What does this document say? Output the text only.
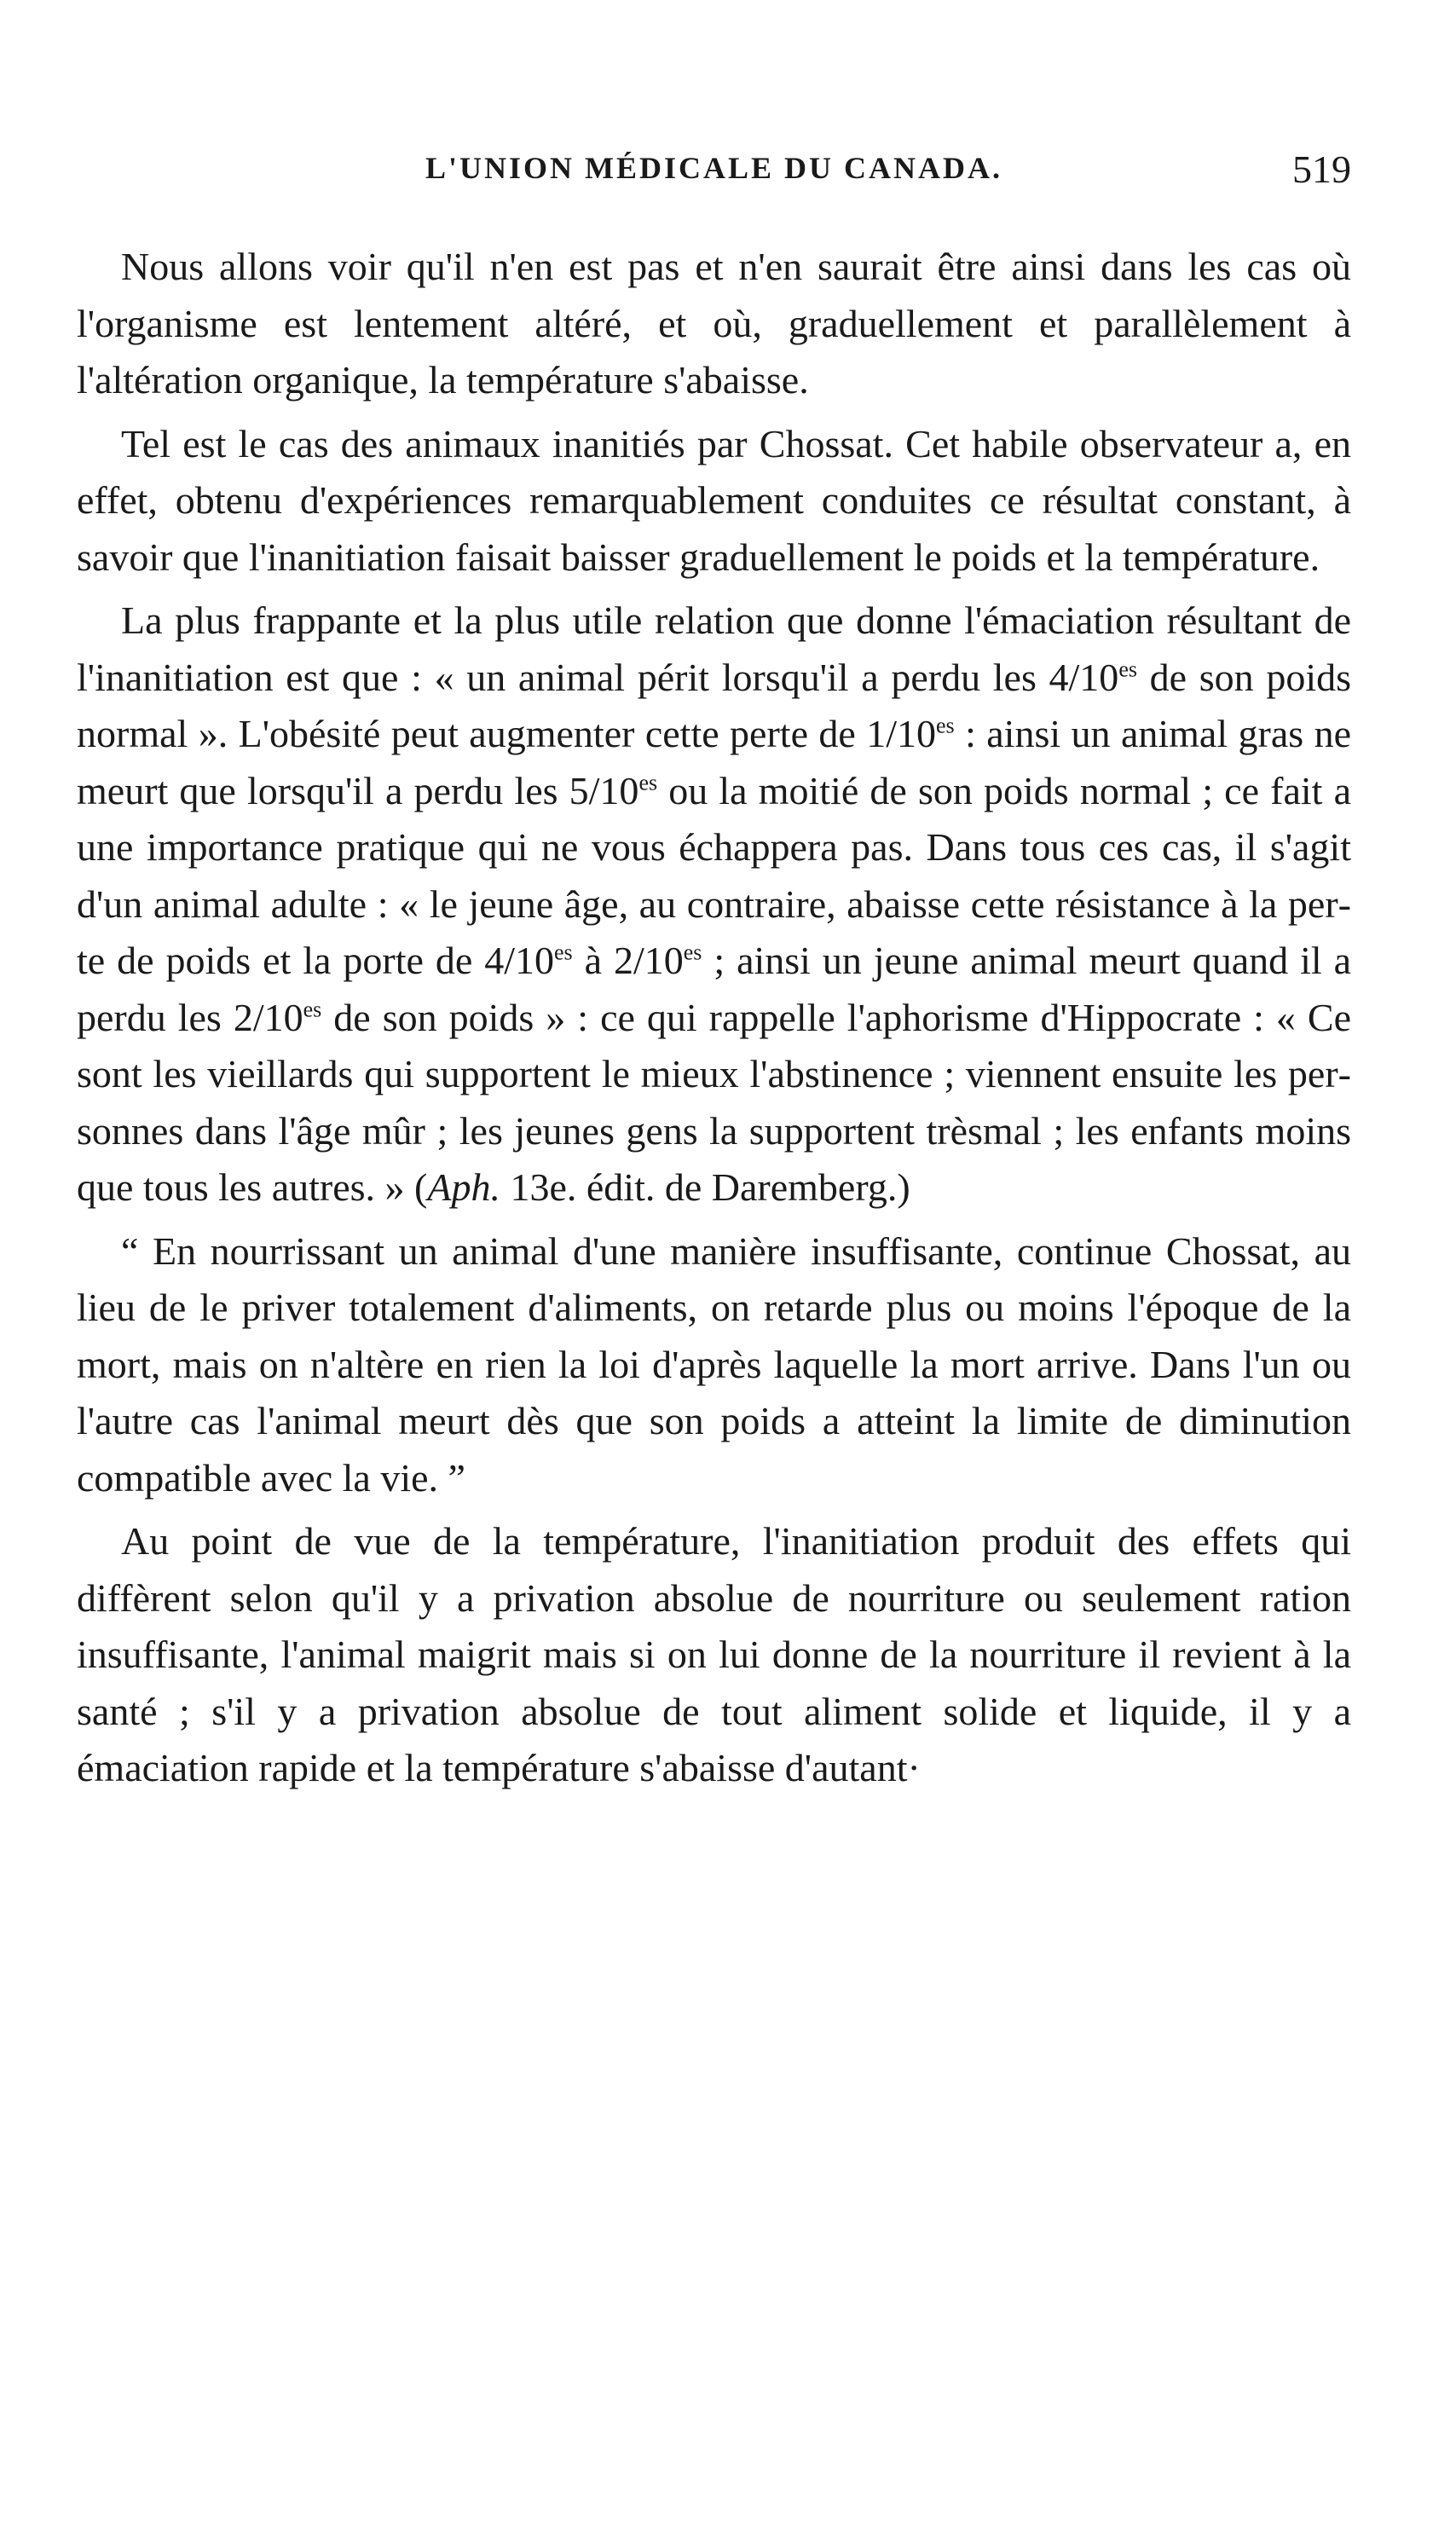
L'UNION MÉDICALE DU CANADA.	519

Nous allons voir qu'il n'en est pas et n'en saurait être ainsi dans les cas où l'organisme est lentement altéré, et où, graduellement et parallèlement à l'altération organique, la température s'abaisse.

Tel est le cas des animaux inanitiés par Chossat. Cet habile observateur a, en effet, obtenu d'expériences remarquablement conduites ce résultat constant, à savoir que l'inanitiation faisait baisser graduellement le poids et la température.

La plus frappante et la plus utile relation que donne l'émaciation résultant de l'inanitiation est que : « un animal périt lorsqu'il a perdu les $4/10^{es}$ de son poids normal ». L'obésité peut augmenter cette perte de $1/10^{es}$ : ainsi un animal gras ne meurt que lorsqu'il a perdu les $5/10^{es}$ ou la moitié de son poids normal ; ce fait a une importance pratique qui ne vous échappera pas. Dans tous ces cas, il s'agit d'un animal adulte : « le jeune âge, au contraire, abaisse cette résistance à la perte de poids et la porte de $4/10^{es}$ à $2/10^{es}$ ; ainsi un jeune animal meurt quand il a perdu les $2/10^{es}$ de son poids » : ce qui rappelle l'aphorisme d'Hippocrate : « Ce sont les vieillards qui supportent le mieux l'abstinence ; viennent ensuite les personnes dans l'âge mûr ; les jeunes gens la supportent trèsmal ; les enfants moins que tous les autres. » (Aph. 13e. édit. de Daremberg.)

“ En nourrissant un animal d'une manière insuffisante, continue Chossat, au lieu de le priver totalement d'aliments, on retarde plus ou moins l'époque de la mort, mais on n'altère en rien la loi d'après laquelle la mort arrive. Dans l'un ou l'autre cas l'animal meurt dès que son poids a atteint la limite de diminution compatible avec la vie. ”

Au point de vue de la température, l'inanitiation produit des effets qui diffèrent selon qu'il y a privation absolue de nourriture ou seulement ration insuffisante, l'animal maigrit mais si on lui donne de la nourriture il revient à la santé ; s'il y a privation absolue de tout aliment solide et liquide, il y a émaciation rapide et la température s'abaisse d'autant·
